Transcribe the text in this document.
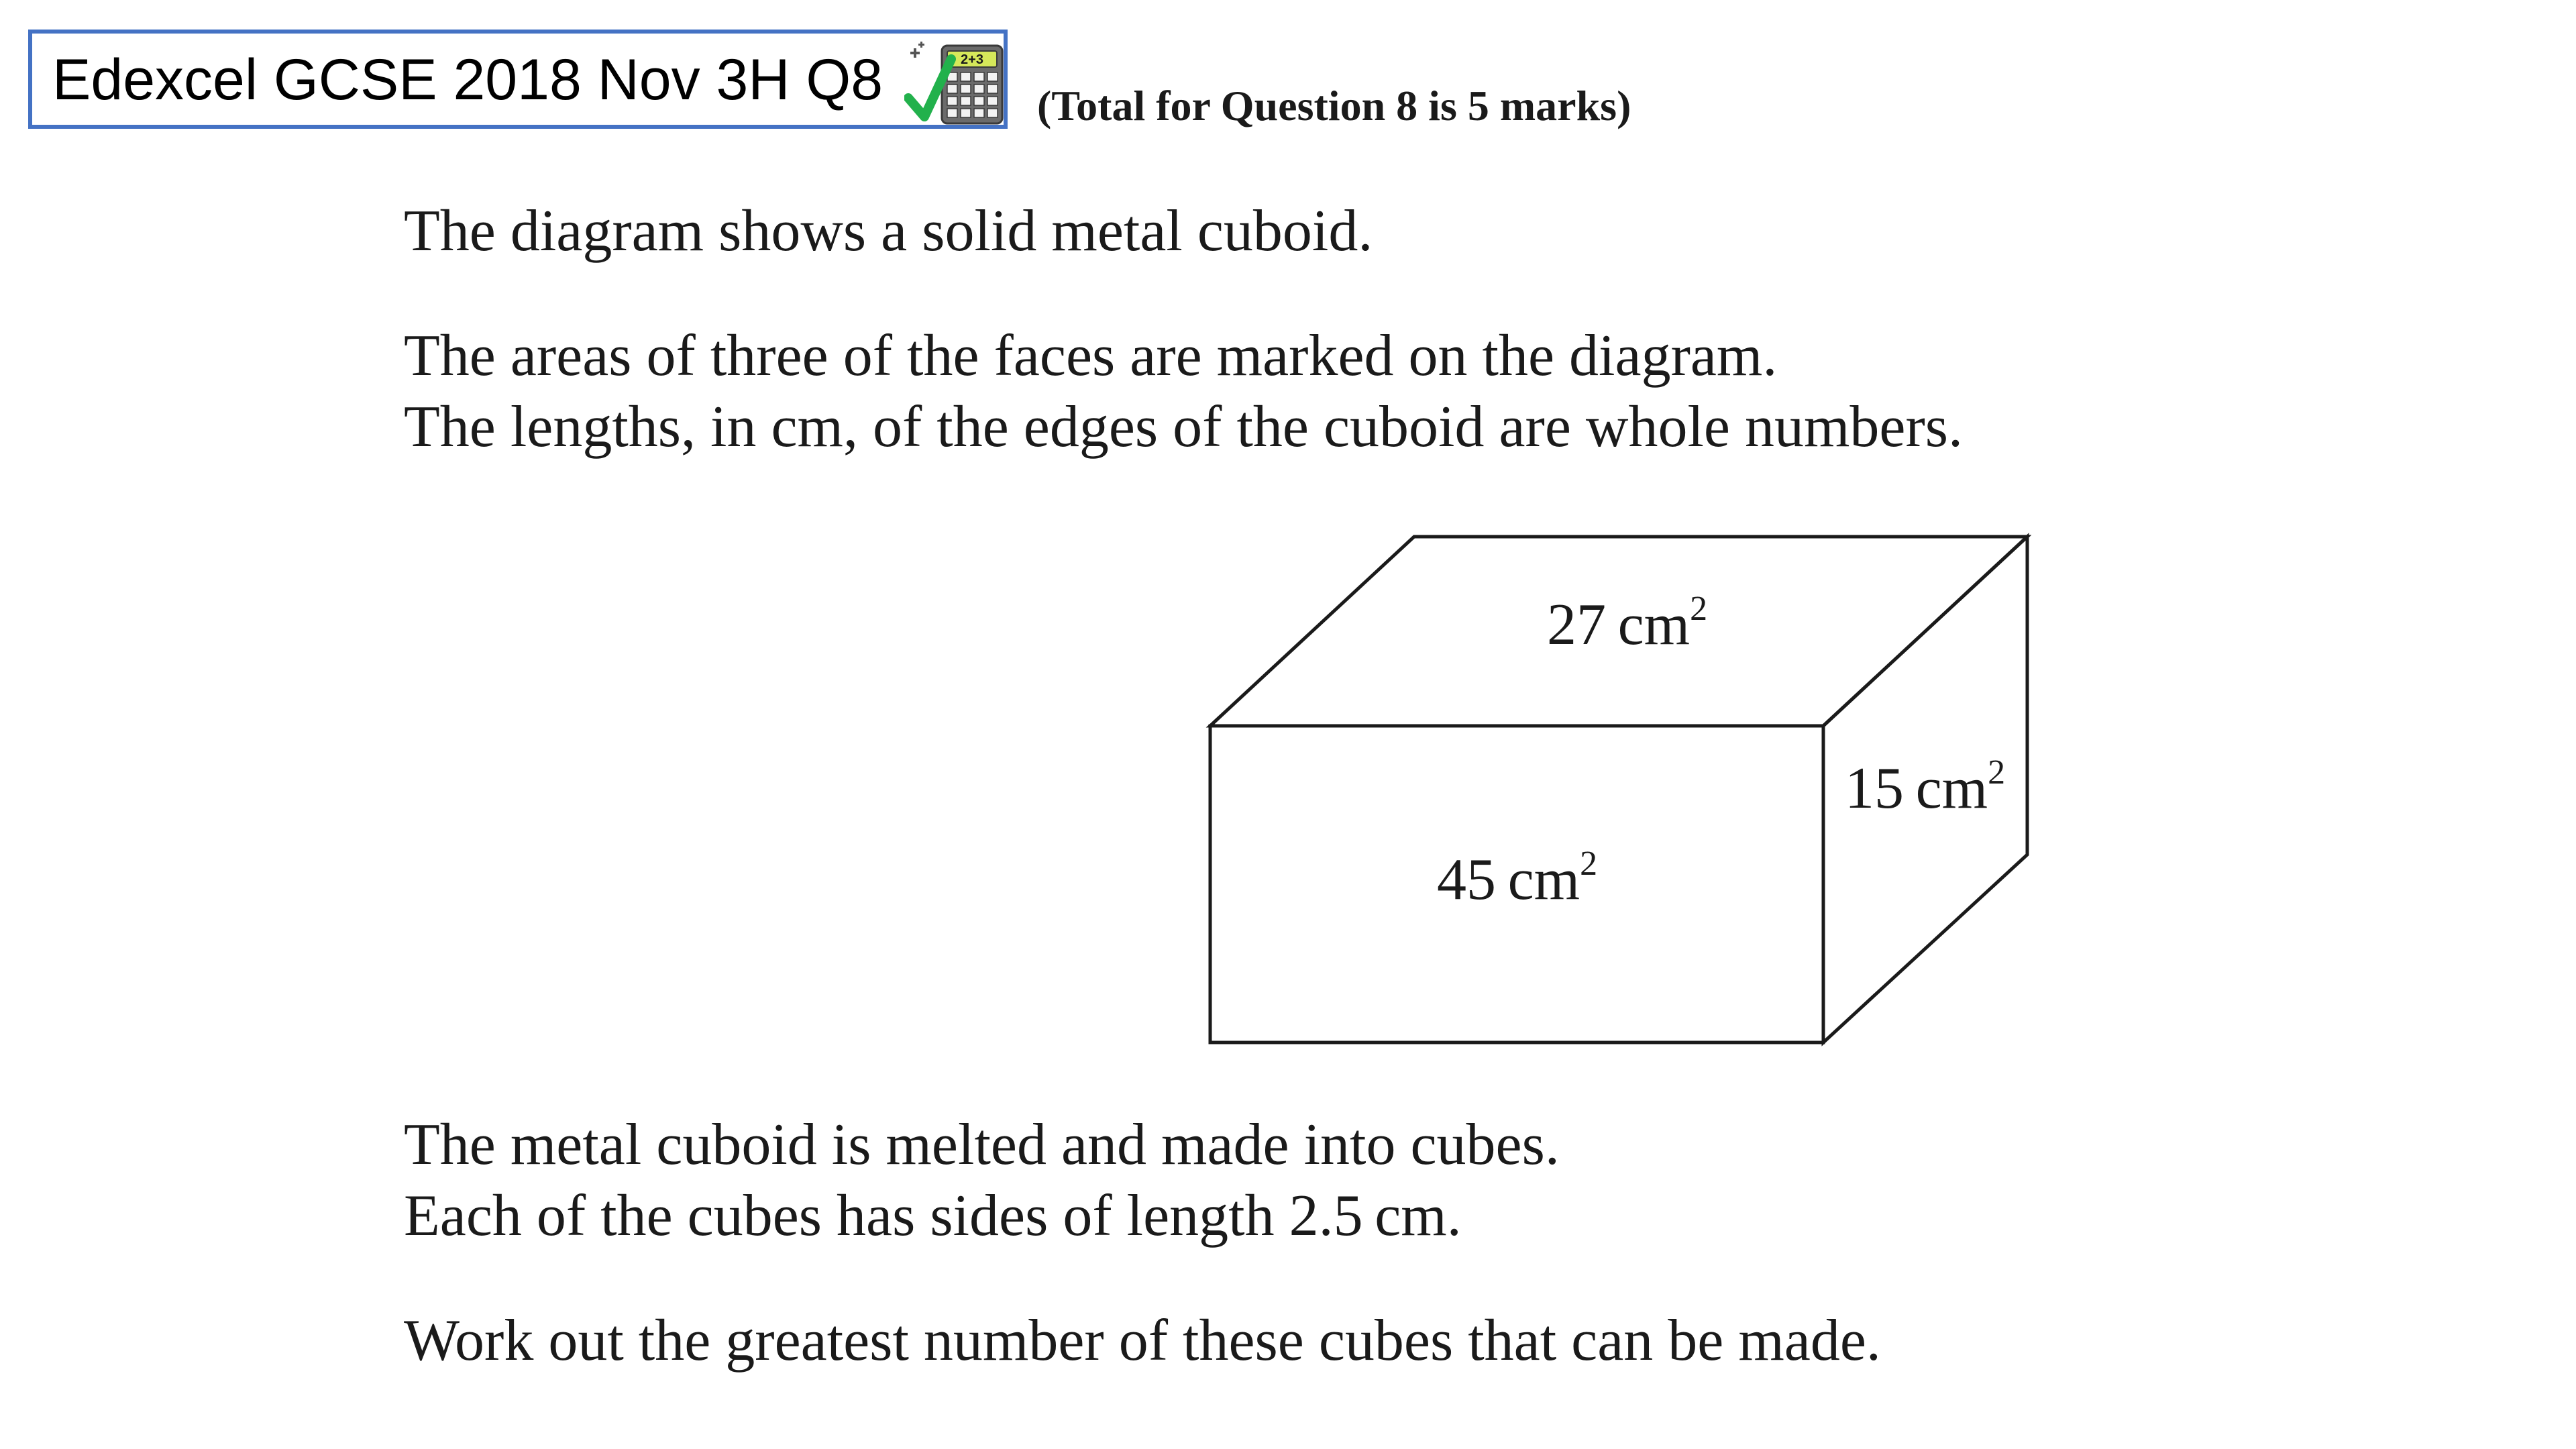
Edexcel GCSE 2018 Nov 3H Q8	2+3
(Total for Question 8 is 5 marks)
The diagram shows a solid metal cuboid.
The areas of three of the faces are marked on the diagram.
The lengths, in cm, of the edges of the cuboid are whole numbers.
27 $cm^2$
45 $cm^2$
15 $cm^2$
The metal cuboid is melted and made into cubes.
Each of the cubes has sides of length 2.5 cm.
Work out the greatest number of these cubes that can be made.
